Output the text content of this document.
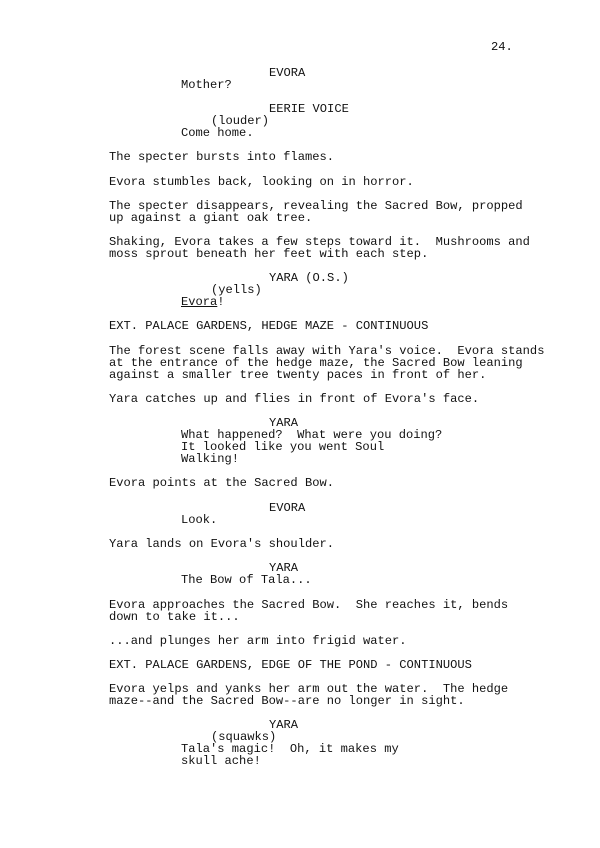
24.
EVORA
Mother?
EERIE VOICE
(louder)
Come home.
The specter bursts into flames.
Evora stumbles back, looking on in horror.
The specter disappears, revealing the Sacred Bow, propped
up against a giant oak tree.
Shaking, Evora takes a few steps toward it.  Mushrooms and
moss sprout beneath her feet with each step.
YARA (O.S.)
(yells)
Evora!
EXT. PALACE GARDENS, HEDGE MAZE - CONTINUOUS
The forest scene falls away with Yara's voice.  Evora stands
at the entrance of the hedge maze, the Sacred Bow leaning
against a smaller tree twenty paces in front of her.
Yara catches up and flies in front of Evora's face.
YARA
What happened?  What were you doing?
It looked like you went Soul
Walking!
Evora points at the Sacred Bow.
EVORA
Look.
Yara lands on Evora's shoulder.
YARA
The Bow of Tala...
Evora approaches the Sacred Bow.  She reaches it, bends
down to take it...
...and plunges her arm into frigid water.
EXT. PALACE GARDENS, EDGE OF THE POND - CONTINUOUS
Evora yelps and yanks her arm out the water.  The hedge
maze--and the Sacred Bow--are no longer in sight.
YARA
(squawks)
Tala's magic!  Oh, it makes my
skull ache!
